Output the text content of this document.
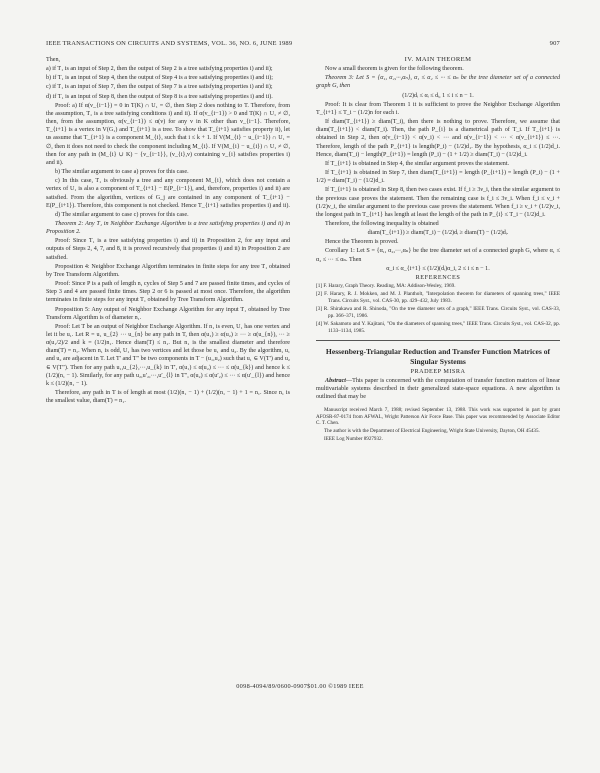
IEEE TRANSACTIONS ON CIRCUITS AND SYSTEMS, VOL. 36, NO. 6, JUNE 1989	907

Then,

a) if T₁ is an input of Step 2, then the output of Step 2 is a tree satisfying properties i) and ii);

b) if T₁ is an input of Step 4, then the output of Step 4 is a tree satisfying properties i) and ii);

c) if T₁ is an input of Step 7, then the output of Step 7 is a tree satisfying properties i) and ii);

d) if T₁ is an input of Step 8, then the output of Step 8 is a tree satisfying properties i) and ii).

Proof: a) If α(v_{i−1}) = 0 in T(K) ∩ U₁ = ∅, then Step 2 does nothing to T. Therefore, from the assumption, T₁ is a tree satisfying conditions i) and ii). If α(v_{i−1}) > 0 and T(K) ∩ U₁ ≠ ∅, then, from the assumption, α(v_{i−1}) ≤ α(v) for any v in K other than v_{i−1}. Therefore, T_{i+1} is a vertex in V(G₁) and T_{i+1} is a tree. To show that T_{i+1} satisfies property ii), let us assume that T_{i+1} is a component M_{i}, such that i ≤ k + 1. If V(M_{i} − u_{i−1}) ∩ U₁ = ∅, then it does not need to check the component including M_{i}. If V(M_{i} − u_{i}) ∩ U₁ ≠ ∅, then for any path in (M_{i} ∪ K) − {v_{i−1}}, (v_{i},v) containing v_{i} satisfies properties i) and ii).

b) The similar argument to case a) proves for this case.

c) In this case, T₁ is obviously a tree and any component M_{i}, which does not contain a vertex of U₁ is also a component of T_{i+1} − E(P_{i−1}), and, therefore, properties i) and ii) are satisfied. From the algorithm, vertices of G_j are contained in any component of T_{i+1} − E(P_{i+1}). Therefore, this component is not checked. Hence T_{i+1} satisfies properties i) and ii).

d) The similar argument to case c) proves for this case.

Theorem 2: Any T₁ in Neighbor Exchange Algorithm is a tree satisfying properties i) and ii) in Proposition 2.

Proof: Since T₁ is a tree satisfying properties i) and ii) in Proposition 2, for any input and outputs of Steps 2, 4, 7, and 8, it is proved recursively that properties i) and ii) in Proposition 2 are satisfied.

Proposition 4: Neighbor Exchange Algorithm terminates in finite steps for any tree T₁ obtained by Tree Transform Algorithm.

Proof: Since P is a path of length n, cycles of Step 5 and 7 are passed finite times, and cycles of Step 3 and 4 are passed finite times. Step 2 or 6 is passed at most once. Therefore, the algorithm terminates in finite steps for any input T₁ obtained by Tree Transform Algorithm.

Proposition 5: Any output of Neighbor Exchange Algorithm for any input T₁ obtained by Tree Transform Algorithm is of diameter n₁.

Proof: Let T be an output of Neighbor Exchange Algorithm. If n₁ is even, U₁ has one vertex and let it be u₁. Let R = u₁ u_{2} ··· u_{n} be any path in T, then α(u₁) ≥ α(u₂) ≥ ··· ≥ α(u_{n}), ··· ≥ α(u₁/2)/2 and k = (1/2)n₁. Hence diam(T) ≤ n₁. But n₁ is the smallest diameter and therefore diam(T) = n₁. When n₁ is odd, U₁ has two vertices and let those be u₁ and u₂. By the algorithm, u₁ and u₂ are adjacent in T. Let T′ and T″ be two components in T − (u₁,u₂) such that u₁ ∈ V(T′) and u₂ ∈ V(T″). Then for any path u₁,u_{2},···,u_{k} in T′, α(u₁) ≤ α(u₂) ≤ ··· ≤ α(u_{k}) and hence k ≤ (1/2)(n₁ − 1). Similarly, for any path u₂,u′₂,···,u′_{l} in T″, α(u₂) ≤ α(u′₂) ≤ ··· ≤ α(u′_{l}) and hence k ≤ (1/2)(n₁ − 1).

Therefore, any path in T is of length at most (1/2)(n₁ − 1) + (1/2)(n₁ − 1) + 1 = n₁. Since n₁ is the smallest value, diam(T) = n₁.

IV. MAIN THEOREM

Now a small theorem is given for the following theorem.

Theorem 3: Let S = {α₁, α₂,···,αₙ}, α₁ ≤ α₂ ≤ ··· ≤ αₙ be the tree diameter set of a connected graph G, then

(1/2)dᵢ ≤ αᵢ ≤ dᵢ, 1 ≤ i ≤ n − 1.

Proof: It is clear from Theorem 1 it is sufficient to prove the Neighbor Exchange Algorithm T_{i+1} ≤ T_i − (1/2)n for each i.

If diam(T_{i+1}) ≥ diam(T_i), then there is nothing to prove. Therefore, we assume that diam(T_{i+1}) < diam(T_i). Then, the path P_{i} is a diametrical path of T_i. If T_{i+1} is obtained in Step 2, then α(v_{i−1}) < α(v_i) < ··· and α(v_{i−1}) < ··· < α(v_{i+1}) ≤ ···. Therefore, length of the path P_{i+1} is length(P_i) − (1/2)d₁. By the hypothesis, α_i ≤ (1/2)d_i. Hence, diam(T_i) − length(P_{i+1}) = length (P_i) − (1 + 1/2) ≥ diam(T_i) − (1/2)d_i.

If T_{i+1} is obtained in Step 4, the similar argument proves the statement.

If T_{i+1} is obtained in Step 7, then diam(T_{i+1}) = length (P_{i+1}) = length (P_i) − (1 + 1/2) = diam(T_i) − (1/2)d_i.

If T_{i+1} is obtained in Step 8, then two cases exist. If f_i ≥ 3ν_i, then the similar argument to the previous case proves the statement. Then the remaining case is f_i ≤ 3ν_i. When f_i ≤ ν_i + (1/2)ν_i, the similar argument to the previous case proves the statement. When f_i ≥ ν_i + (1/2)ν_i, the longest path in T_{i+1} has length at least the length of the path in P_{i} ≤ T_i − (1/2)d_i.

Therefore, the following inequality is obtained

diam(T_{i+1}) ≥ diam(T_i) − (1/2)dᵢ ≥ diam(T) − (1/2)dᵢ.

Hence the Theorem is proved.

Corollary 1: Let S = {α₁, α₂,···,αₙ} be the tree diameter set of a connected graph G, where α₁ ≤ α₂ ≤ ··· ≤ αₙ. Then

α_i ≤ α_{i+1} ≤ (1/2)(dᵢ)α_i, 2 ≤ i ≤ n − 1.

REFERENCES

[1] F. Harary, Graph Theory. Reading, MA: Addison-Wesley, 1969.

[2] F. Harary, R. J. Mokken, and M. J. Plantholt, "Interpolation theorem for diameters of spanning trees," IEEE Trans. Circuits Syst., vol. CAS-30, pp. 429–432, July 1983.

[3] R. Shirakawa and R. Shinoda, "On the tree diameter sets of a graph," IEEE Trans. Circuits Syst., vol. CAS-33, pp. 366–371, 1986.

[4] W. Sakamoto and Y. Kajitani, "On the diameters of spanning trees," IEEE Trans. Circuits Syst., vol. CAS-32, pp. 1133–1134, 1985.

Hessenberg-Triangular Reduction and Transfer Function Matrices of Singular Systems

PRADEEP MISRA

Abstract—This paper is concerned with the computation of transfer function matrices of linear multivariable systems described in their generalized state-space equations. A new algorithm is outlined that may be

Manuscript received March 7, 1988; revised September 13, 1988. This work was supported in part by grant AFOSR-87-0174 from AFWAL, Wright Patterson Air Force Base. This paper was recommended by Associate Editor C. T. Chen.

The author is with the Department of Electrical Engineering, Wright State University, Dayton, OH 45435.

IEEE Log Number 8927932.

0098-4094/89/0600-0907$01.00 ©1989 IEEE
